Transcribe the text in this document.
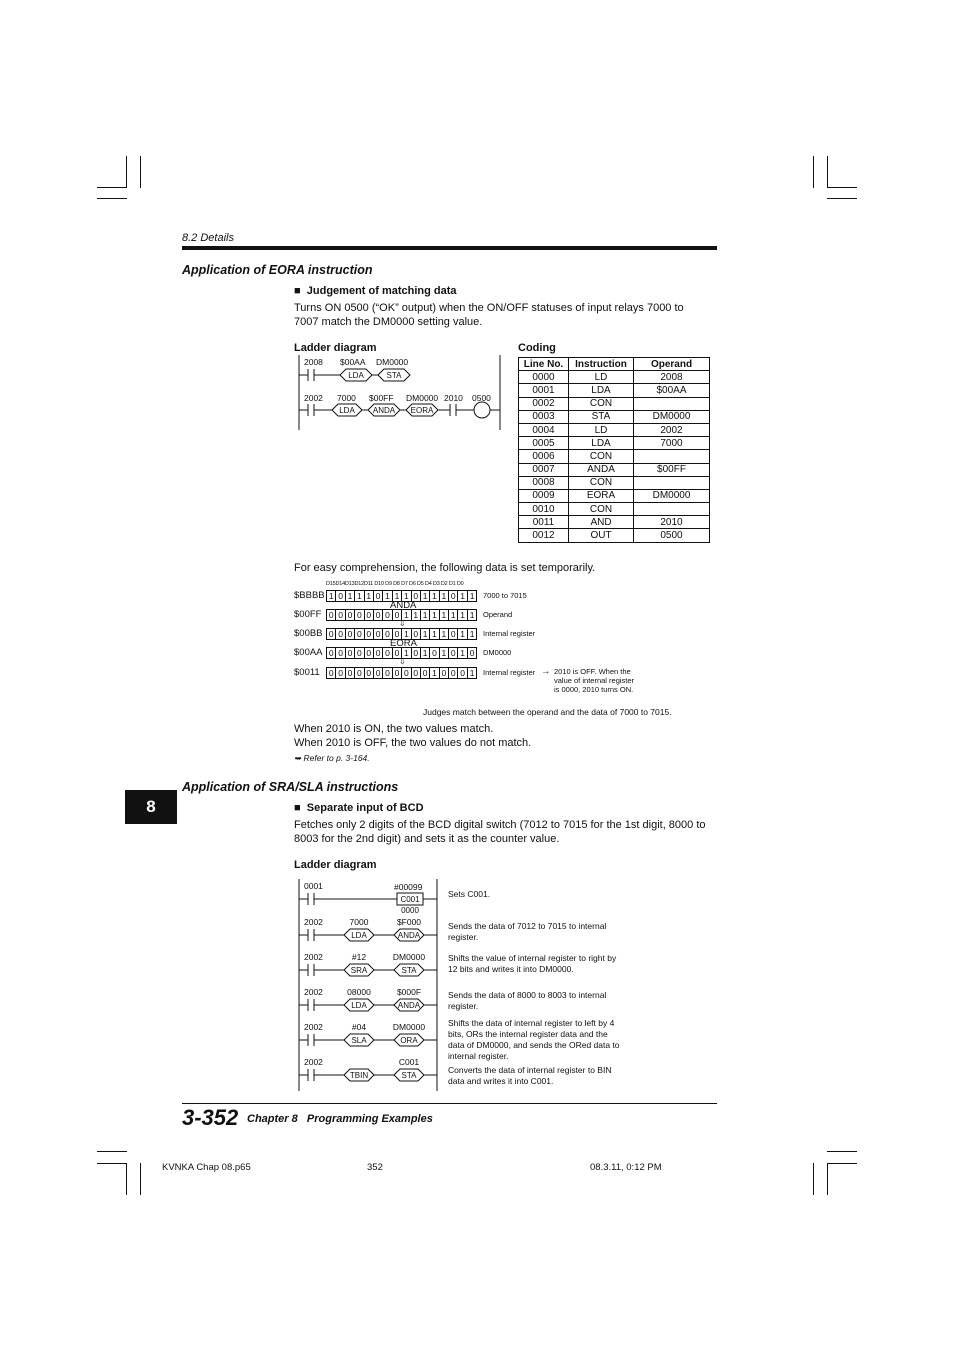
8.2 Details
Application of EORA instruction
■ Judgement of matching data
Turns ON 0500 (“OK” output) when the ON/OFF statuses of input relays 7000 to
7007 match the DM0000 setting value.
Ladder diagram	Coding
2008 $00AA DM0000
LDA	STA
2002 7000 $00FF DM0000 2010 0500
LDA ANDA EORA
Line No.	Instruction	Operand
0000	LD	2008
0001	LDA	$00AA
0002	CON	
0003	STA	DM0000
0004	LD	2002
0005	LDA	7000
0006	CON	
0007	ANDA	$00FF
0008	CON	
0009	EORA	DM0000
0010	CON	
0011	AND	2010
0012	OUT	0500
For easy comprehension, the following data is set temporarily.
D15D14D13D12D11 D10 D9 D8 D7 D6 D5 D4 D3 D2 D1 D0
$BBBB 1 0 1 1 1 0 1 1 1 0 1 1 1 0 1 1	7000 to 7015
$00FF 0 0 0 0 0 0 0 0 1 1 1 1 1 1 1 1	Operand
$00BB 0 0 0 0 0 0 0 0 1 0 1 1 1 0 1 1	Internal register
$00AA 0 0 0 0 0 0 0 0 1 0 1 0 1 0 1 0	DM0000
$0011	0 0 0 0 0 0 0 0 0 0 0 1 0 0 0 1	Internal register
ANDA
⇩
EORA
⇩
→ 2010 is OFF. When the
value of internal register
is 0000, 2010 turns ON.
Judges match between the operand and the data of 7000 to 7015.
When 2010 is ON, the two values match.
When 2010 is OFF, the two values do not match.
➥ Refer to p. 3-164.
8
Application of SRA/SLA instructions
■ Separate input of BCD
Fetches only 2 digits of the BCD digital switch (7012 to 7015 for the 1st digit, 8000 to
8003 for the 2nd digit) and sets it as the counter value.
Ladder diagram
0001	#00099
C001
0000
2002	7000	$F000
LDA	ANDA
2002	#12	DM0000
SRA	STA
2002	08000	$000F
LDA	ANDA
2002	#04	DM0000
SLA	ORA
2002	C001
TBIN	STA
Sets C001.
Sends the data of 7012 to 7015 to internal
register.
Shifts the value of internal register to right by
12 bits and writes it into DM0000.
Sends the data of 8000 to 8003 to internal
register.
Shifts the data of internal register to left by 4
bits, ORs the internal register data and the
data of DM0000, and sends the ORed data to
internal register.
Converts the data of internal register to BIN
data and writes it into C001.
3-352 Chapter 8   Programming Examples
KVNKA Chap 08.p65	352	08.3.11, 0:12 PM
